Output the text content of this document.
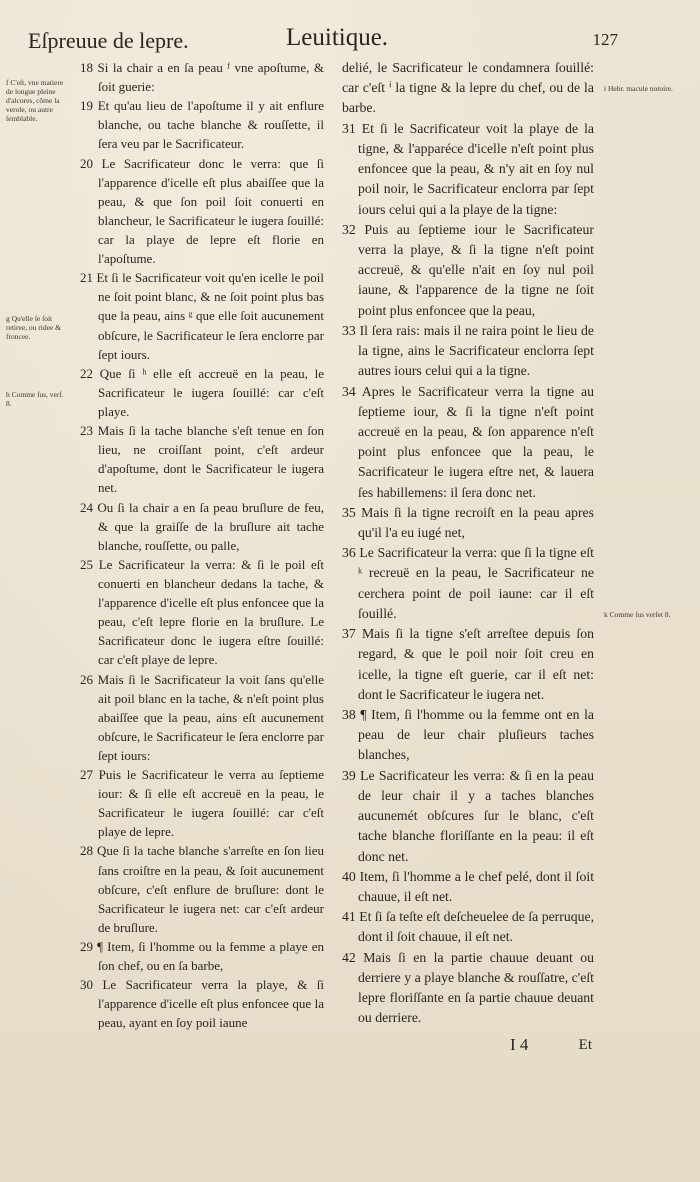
Eſpreuue de lepre.	Leuitique.	127
f C'eſt, vne matiere de longue pleine d'alcores, cõme la verole, ou autre ſemblable.
g Qu'elle ſe ſoit retiree, ou ridee & froncee.
h Comme ſus, verſ. 8.
i Hebr. macule notoire.
k Comme ſus verſet 8.

18 Si la chair a en ſa peau ᶠ vne apoſtume, & ſoit guerie:

19 Et qu'au lieu de l'apoſtume il y ait enflure blanche, ou tache blanche & rouſſette, il ſera veu par le Sacrificateur.

20 Le Sacrificateur donc le verra: que ſi l'apparence d'icelle eſt plus abaiſſee que la peau, & que ſon poil ſoit conuerti en blancheur, le Sacrificateur le iugera ſouillé: car la playe de lepre eſt florie en l'apoſtume.

21 Et ſi le Sacrificateur voit qu'en icelle le poil ne ſoit point blanc, & ne ſoit point plus bas que la peau, ains ᵍ que elle ſoit aucunement obſcure, le Sacrificateur le ſera enclorre par ſept iours.

22 Que ſi ʰ elle eſt accreuë en la peau, le Sacrificateur le iugera ſouillé: car c'eſt playe.

23 Mais ſi la tache blanche s'eſt tenue en ſon lieu, ne croiſſant point, c'eſt ardeur d'apoſtume, dont le Sacrificateur le iugera net.

24 Ou ſi la chair a en ſa peau bruſlure de feu, & que la graiſſe de la bruſlure ait tache blanche, rouſſette, ou palle,

25 Le Sacrificateur la verra: & ſi le poil eſt conuerti en blancheur dedans la tache, & l'apparence d'icelle eſt plus enfoncee que la peau, c'eſt lepre florie en la bruſlure. Le Sacrificateur donc le iugera eſtre ſouillé: car c'eſt playe de lepre.

26 Mais ſi le Sacrificateur la voit ſans qu'elle ait poil blanc en la tache, & n'eſt point plus abaiſſee que la peau, ains eſt aucunement obſcure, le Sacrificateur le ſera enclorre par ſept iours:

27 Puis le Sacrificateur le verra au ſeptieme iour: & ſi elle eſt accreuë en la peau, le Sacrificateur le iugera ſouillé: car c'eſt playe de lepre.

28 Que ſi la tache blanche s'arreſte en ſon lieu ſans croiſtre en la peau, & ſoit aucunement obſcure, c'eſt enflure de bruſlure: dont le Sacrificateur le iugera net: car c'eſt ardeur de bruſlure.

29 ¶ Item, ſi l'homme ou la femme a playe en ſon chef, ou en ſa barbe,

30 Le Sacrificateur verra la playe, & ſi l'apparence d'icelle eſt plus enfoncee que la peau, ayant en ſoy poil iaune

delié, le Sacrificateur le condamnera ſouillé: car c'eſt ⁱ la tigne & la lepre du chef, ou de la barbe.

31 Et ſi le Sacrificateur voit la playe de la tigne, & l'apparéce d'icelle n'eſt point plus enfoncee que la peau, & n'y ait en ſoy nul poil noir, le Sacrificateur enclorra par ſept iours celui qui a la playe de la tigne:

32 Puis au ſeptieme iour le Sacrificateur verra la playe, & ſi la tigne n'eſt point accreuë, & qu'elle n'ait en ſoy nul poil iaune, & l'apparence de la tigne ne ſoit point plus enfoncee que la peau,

33 Il ſera rais: mais il ne raira point le lieu de la tigne, ains le Sacrificateur enclorra ſept autres iours celui qui a la tigne.

34 Apres le Sacrificateur verra la tigne au ſeptieme iour, & ſi la tigne n'eſt point accreuë en la peau, & ſon apparence n'eſt point plus enfoncee que la peau, le Sacrificateur le iugera eſtre net, & lauera ſes habillemens: il ſera donc net.

35 Mais ſi la tigne recroiſt en la peau apres qu'il l'a eu iugé net,

36 Le Sacrificateur la verra: que ſi la tigne eſt ᵏ recreuë en la peau, le Sacrificateur ne cerchera point de poil iaune: car il eſt ſouillé.

37 Mais ſi la tigne s'eſt arreſtee depuis ſon regard, & que le poil noir ſoit creu en icelle, la tigne eſt guerie, car il eſt net: dont le Sacrificateur le iugera net.

38 ¶ Item, ſi l'homme ou la femme ont en la peau de leur chair pluſieurs taches blanches,

39 Le Sacrificateur les verra: & ſi en la peau de leur chair il y a taches blanches aucunemét obſcures ſur le blanc, c'eſt tache blanche floriſſante en la peau: il eſt donc net.

40 Item, ſi l'homme a le chef pelé, dont il ſoit chauue, il eſt net.

41 Et ſi ſa teſte eſt deſcheuelee de ſa perruque, dont il ſoit chauue, il eſt net.

42 Mais ſi en la partie chauue deuant ou derriere y a playe blanche & rouſſatre, c'eſt lepre floriſſante en ſa partie chauue deuant ou derriere.

I 4	Et
